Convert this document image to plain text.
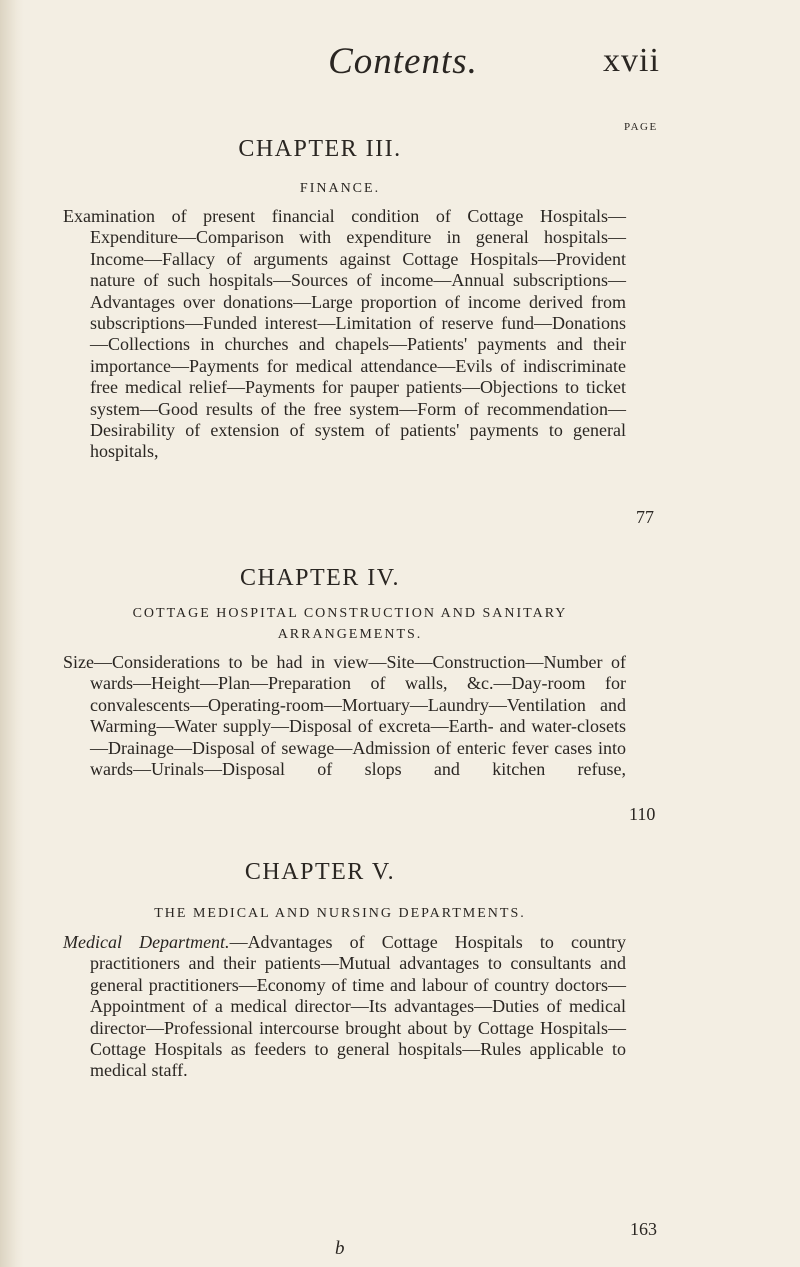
Contents.	xvii
PAGE
CHAPTER III.
FINANCE.
Examination of present financial condition of Cottage Hospitals—Expenditure—Comparison with expenditure in general hospitals—Income—Fallacy of arguments against Cottage Hospitals—Provident nature of such hospitals—Sources of income—Annual subscriptions—Advantages over donations—Large proportion of income derived from subscriptions—Funded interest—Limitation of reserve fund—Donations—Collections in churches and chapels—Patients' payments and their importance—Payments for medical attendance—Evils of indiscriminate free medical relief—Payments for pauper patients—Objections to ticket system—Good results of the free system—Form of recommendation—Desirability of extension of system of patients' payments to general hospitals,
77
CHAPTER IV.
COTTAGE HOSPITAL CONSTRUCTION AND SANITARY ARRANGEMENTS.
Size—Considerations to be had in view—Site—Construction—Number of wards—Height—Plan—Preparation of walls, &c.—Day-room for convalescents—Operating-room—Mortuary—Laundry—Ventilation and Warming—Water supply—Disposal of excreta—Earth- and water-closets—Drainage—Disposal of sewage—Admission of enteric fever cases into wards—Urinals—Disposal of slops and kitchen refuse,
110
CHAPTER V.
THE MEDICAL AND NURSING DEPARTMENTS.
Medical Department.—Advantages of Cottage Hospitals to country practitioners and their patients—Mutual advantages to consultants and general practitioners—Economy of time and labour of country doctors—Appointment of a medical director—Its advantages—Duties of medical director—Professional intercourse brought about by Cottage Hospitals—Cottage Hospitals as feeders to general hospitals—Rules applicable to medical staff.
163
b
